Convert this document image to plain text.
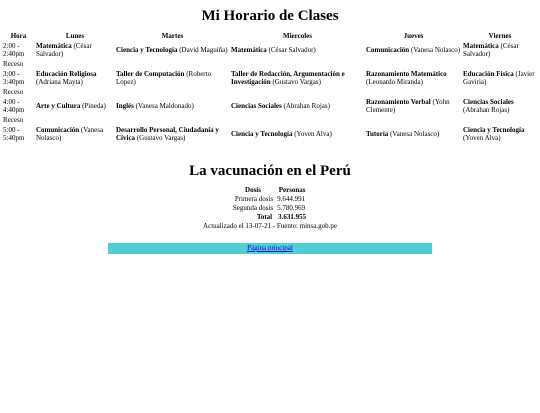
Mi Horario de Clases
Hora	Lunes	Martes	Miercoles	Jueves	Viernes
2:00 - 2:40pm	Matemática (César Salvador)	Ciencia y Tecnología (David Maguiña)	Matemática (César Salvador)	Comunicación (Vanesa Nolasco)	Matemática (César Salvador)
Receso					
3:00 - 3:40pm	Educación Religiosa (Adriana Mayta)	Taller de Computación (Roberto Lopez)	Taller de Redacción, Argumentación e Investigación (Gustavo Vargas)	Razonamiento Matemático (Leonardo Miranda)	Educación Física (Javier Gaviria)
Receso					
4:00 - 4:40pm	Arte y Cultura (Pineda)	Inglés (Vanesa Maldonado)	Ciencias Sociales (Abrahan Rojas)	Razonamiento Verbal (Yohn Clemente)	Ciencias Sociales (Abrahan Rojas)
Receso					
5:00 - 5:40pm	Comunicación (Vanesa Nolasco)	Desarrollo Personal, Ciudadanía y Cívica (Gustavo Vargas)	Ciencia y Tecnología (Yoven Alva)	Tutoría (Vanesa Nolasco)	Ciencia y Tecnología (Yoven Alva)
La vacunación en el Perú
Dosis	Personas
Primera dosis	9.644.991
Segunda dosis	5.780.969
Total	3.631.955
Actualizado el 13-07-21 - Fuente: minsa.gob.pe
Página principal
